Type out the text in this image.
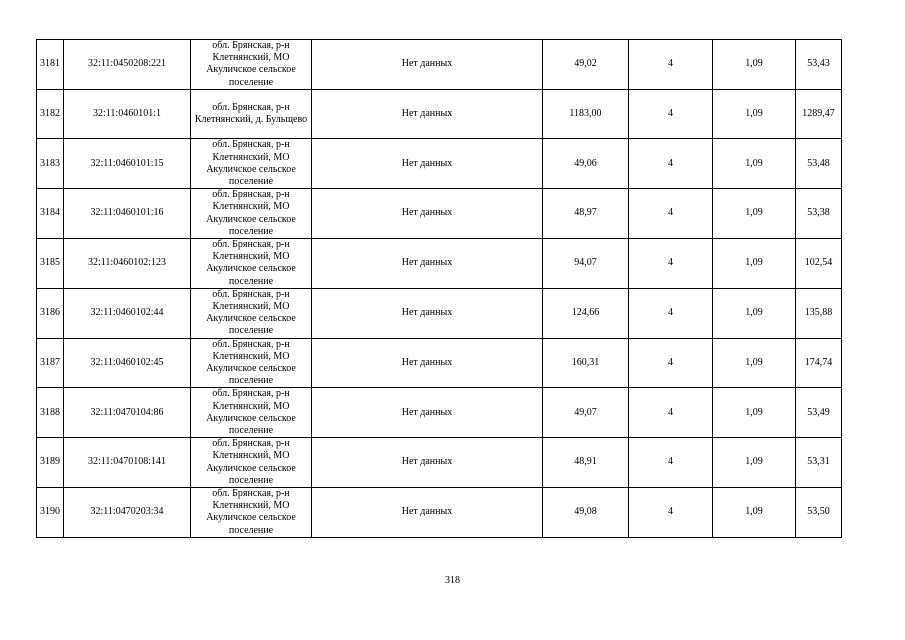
3181	32:11:0450208:221	обл. Брянская, р-н Клетнянский, МО Акуличское сельское поселение	Нет данных	49,02	4	1,09	53,43
3182	32:11:0460101:1	обл. Брянская, р-н Клетнянский, д. Бульщево	Нет данных	1183,00	4	1,09	1289,47
3183	32:11:0460101:15	обл. Брянская, р-н Клетнянский, МО Акуличское сельское поселение	Нет данных	49,06	4	1,09	53,48
3184	32:11:0460101:16	обл. Брянская, р-н Клетнянский, МО Акуличское сельское поселение	Нет данных	48,97	4	1,09	53,38
3185	32:11:0460102:123	обл. Брянская, р-н Клетнянский, МО Акуличское сельское поселение	Нет данных	94,07	4	1,09	102,54
3186	32:11:0460102:44	обл. Брянская, р-н Клетнянский, МО Акуличское сельское поселение	Нет данных	124,66	4	1,09	135,88
3187	32:11:0460102:45	обл. Брянская, р-н Клетнянский, МО Акуличское сельское поселение	Нет данных	160,31	4	1,09	174,74
3188	32:11:0470104:86	обл. Брянская, р-н Клетнянский, МО Акуличское сельское поселение	Нет данных	49,07	4	1,09	53,49
3189	32:11:0470108:141	обл. Брянская, р-н Клетнянский, МО Акуличское сельское поселение	Нет данных	48,91	4	1,09	53,31
3190	32:11:0470203:34	обл. Брянская, р-н Клетнянский, МО Акуличское сельское поселение	Нет данных	49,08	4	1,09	53,50
318
